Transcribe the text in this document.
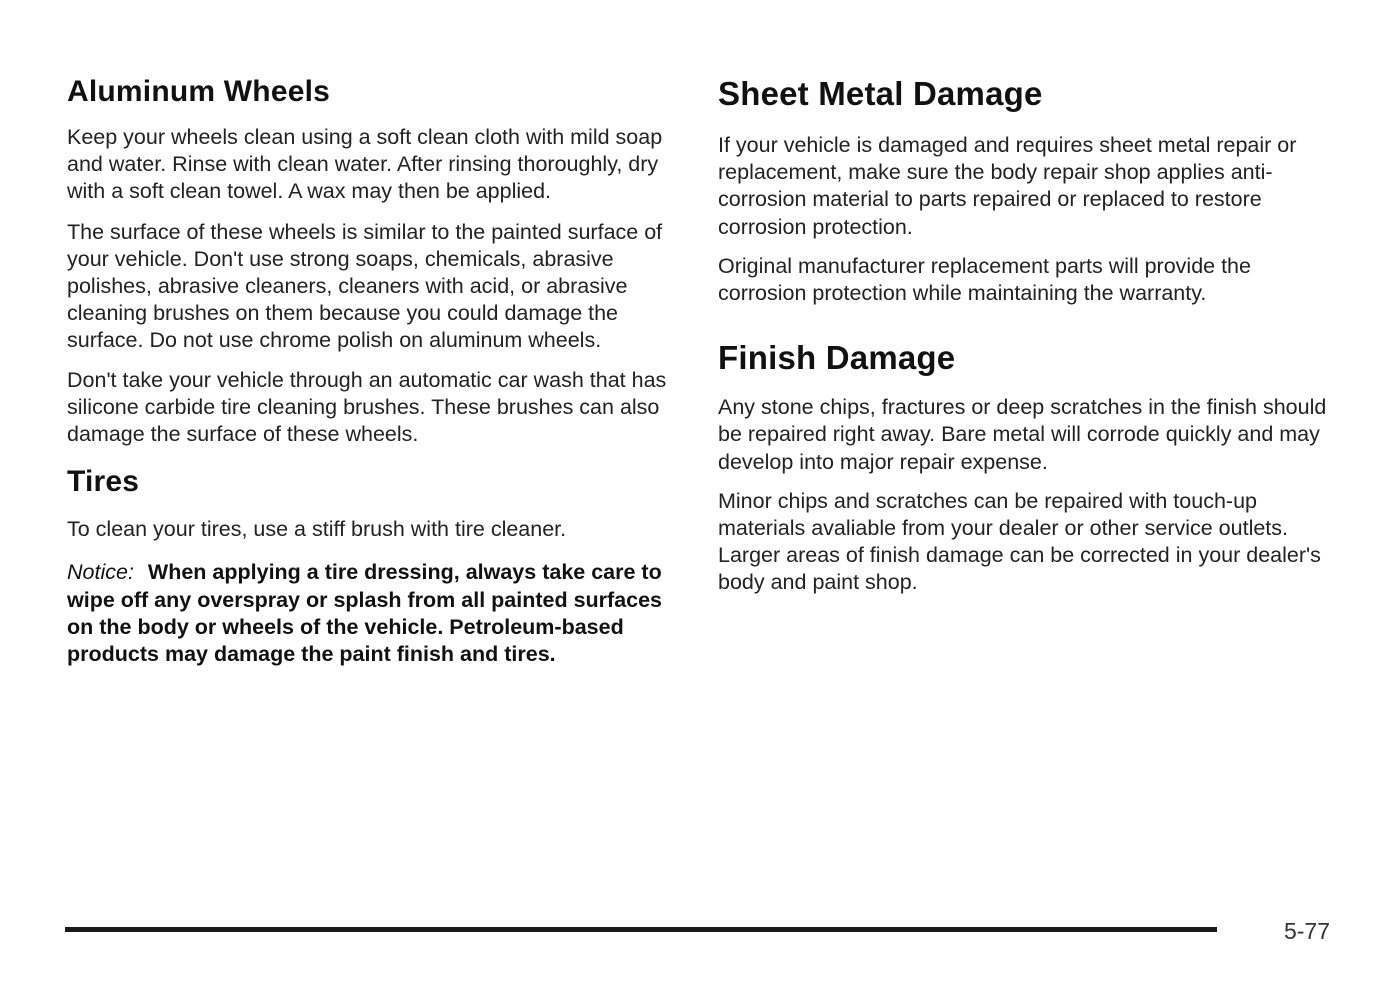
Aluminum Wheels

Keep your wheels clean using a soft clean cloth with mild soap and water. Rinse with clean water. After rinsing thoroughly, dry with a soft clean towel. A wax may then be applied.

The surface of these wheels is similar to the painted surface of your vehicle. Don't use strong soaps, chemicals, abrasive polishes, abrasive cleaners, cleaners with acid, or abrasive cleaning brushes on them because you could damage the surface. Do not use chrome polish on aluminum wheels.

Don't take your vehicle through an automatic car wash that has silicone carbide tire cleaning brushes. These brushes can also damage the surface of these wheels.

Tires

To clean your tires, use a stiff brush with tire cleaner.

Notice: When applying a tire dressing, always take care to wipe off any overspray or splash from all painted surfaces on the body or wheels of the vehicle. Petroleum-based products may damage the paint finish and tires.

Sheet Metal Damage

If your vehicle is damaged and requires sheet metal repair or replacement, make sure the body repair shop applies anti-corrosion material to parts repaired or replaced to restore corrosion protection.

Original manufacturer replacement parts will provide the corrosion protection while maintaining the warranty.

Finish Damage

Any stone chips, fractures or deep scratches in the finish should be repaired right away. Bare metal will corrode quickly and may develop into major repair expense.

Minor chips and scratches can be repaired with touch-up materials avaliable from your dealer or other service outlets. Larger areas of finish damage can be corrected in your dealer's body and paint shop.

5-77
